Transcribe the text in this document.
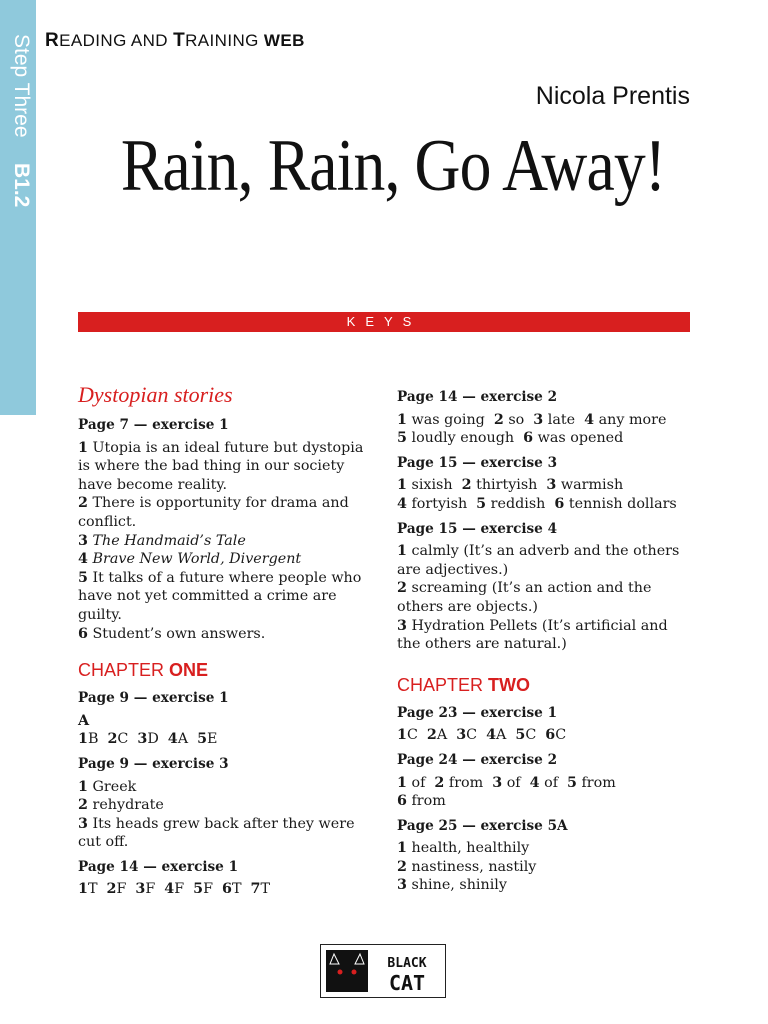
Step Three B1.2
READING AND TRAINING WEB
Nicola Prentis
Rain, Rain, Go Away!
KEYS
Dystopian stories
Page 7 — exercise 1

1 Utopia is an ideal future but dystopia is where the bad thing in our society have become reality.

2 There is opportunity for drama and conflict.

3 The Handmaid’s Tale

4 Brave New World, Divergent

5 It talks of a future where people who have not yet committed a crime are guilty.

6 Student’s own answers.

CHAPTER ONE
Page 9 — exercise 1
A
1B 2C 3D 4A 5E
Page 9 — exercise 3

1 Greek

2 rehydrate

3 Its heads grew back after they were cut off.

Page 14 — exercise 1
1T 2F 3F 4F 5F 6T 7T
Page 14 — exercise 2
1 was going 2 so 3 late 4 any more
5 loudly enough 6 was opened
Page 15 — exercise 3
1 sixish 2 thirtyish 3 warmish
4 fortyish 5 reddish 6 tennish dollars
Page 15 — exercise 4

1 calmly (It’s an adverb and the others are adjectives.)

2 screaming (It’s an action and the others are objects.)

3 Hydration Pellets (It’s artificial and the others are natural.)

CHAPTER TWO
Page 23 — exercise 1
1C 2A 3C 4A 5C 6C
Page 24 — exercise 2
1 of 2 from 3 of 4 of 5 from
6 from
Page 25 — exercise 5A

1 health, healthily

2 nastiness, nastily

3 shine, shinily

BLACK
CAT
